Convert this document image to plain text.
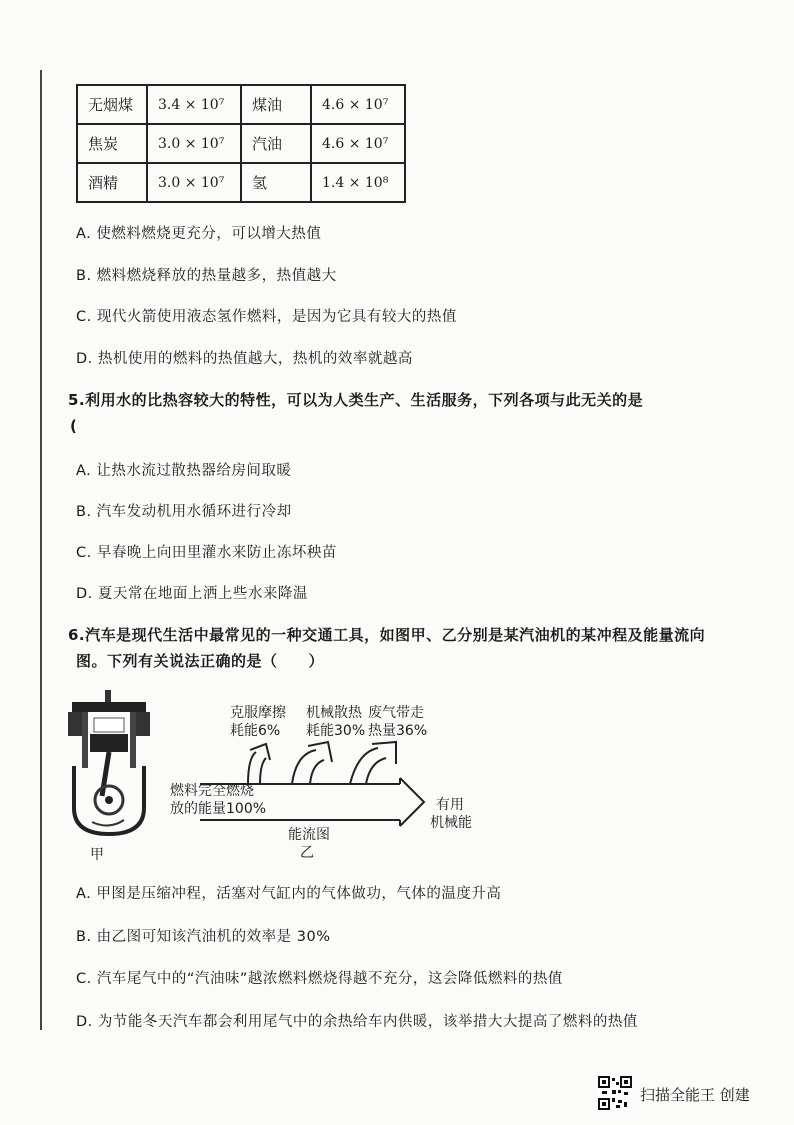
无烟煤	3.4 × 10⁷	煤油	4.6 × 10⁷
焦炭	3.0 × 10⁷	汽油	4.6 × 10⁷
酒精	3.0 × 10⁷	氢	1.4 × 10⁸
A. 使燃料燃烧更充分，可以增大热值
B. 燃料燃烧释放的热量越多，热值越大
C. 现代火箭使用液态氢作燃料，是因为它具有较大的热值
D. 热机使用的燃料的热值越大，热机的效率就越高
5.利用水的比热容较大的特性，可以为人类生产、生活服务，下列各项与此无关的是
(
A. 让热水流过散热器给房间取暖
B. 汽车发动机用水循环进行冷却
C. 早春晚上向田里灌水来防止冻坏秧苗
D. 夏天常在地面上洒上些水来降温
6.汽车是现代生活中最常见的一种交通工具，如图甲、乙分别是某汽油机的某冲程及能量流向
图。下列有关说法正确的是（　　）
甲
克服摩擦
耗能6%
机械散热
耗能30%
废气带走
热量36%
燃料完全燃烧
放的能量100%	有用
机械能
能流图
乙
A. 甲图是压缩冲程，活塞对气缸内的气体做功，气体的温度升高
B. 由乙图可知该汽油机的效率是 30%
C. 汽车尾气中的“汽油味”越浓燃料燃烧得越不充分，这会降低燃料的热值
D. 为节能冬天汽车都会利用尾气中的余热给车内供暖，该举措大大提高了燃料的热值
扫描全能王 创建
